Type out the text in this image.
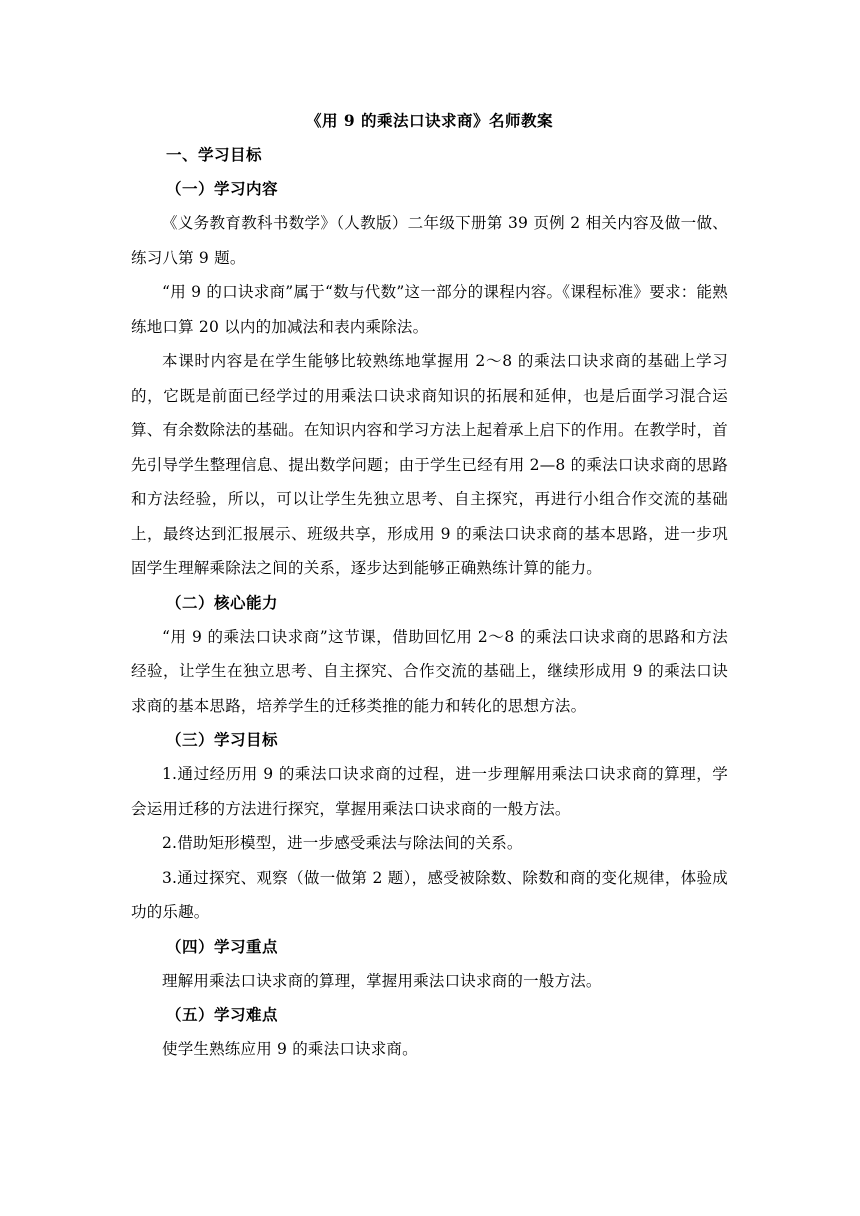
《用 9 的乘法口诀求商》名师教案

一、学习目标

（一）学习内容

《义务教育教科书数学》（人教版）二年级下册第 39 页例 2 相关内容及做一做、练习八第 9 题。

“用 9 的口诀求商”属于“数与代数”这一部分的课程内容。《课程标准》要求：能熟练地口算 20 以内的加减法和表内乘除法。

本课时内容是在学生能够比较熟练地掌握用 2～8 的乘法口诀求商的基础上学习的，它既是前面已经学过的用乘法口诀求商知识的拓展和延伸，也是后面学习混合运算、有余数除法的基础。在知识内容和学习方法上起着承上启下的作用。在教学时，首先引导学生整理信息、提出数学问题；由于学生已经有用 2—8 的乘法口诀求商的思路和方法经验，所以，可以让学生先独立思考、自主探究，再进行小组合作交流的基础上，最终达到汇报展示、班级共享，形成用 9 的乘法口诀求商的基本思路，进一步巩固学生理解乘除法之间的关系，逐步达到能够正确熟练计算的能力。

（二）核心能力

“用 9 的乘法口诀求商”这节课，借助回忆用 2～8 的乘法口诀求商的思路和方法经验，让学生在独立思考、自主探究、合作交流的基础上，继续形成用 9 的乘法口诀求商的基本思路，培养学生的迁移类推的能力和转化的思想方法。

（三）学习目标

1.通过经历用 9 的乘法口诀求商的过程，进一步理解用乘法口诀求商的算理，学会运用迁移的方法进行探究，掌握用乘法口诀求商的一般方法。

2.借助矩形模型，进一步感受乘法与除法间的关系。

3.通过探究、观察（做一做第 2 题），感受被除数、除数和商的变化规律，体验成功的乐趣。

（四）学习重点

理解用乘法口诀求商的算理，掌握用乘法口诀求商的一般方法。

（五）学习难点

使学生熟练应用 9 的乘法口诀求商。
